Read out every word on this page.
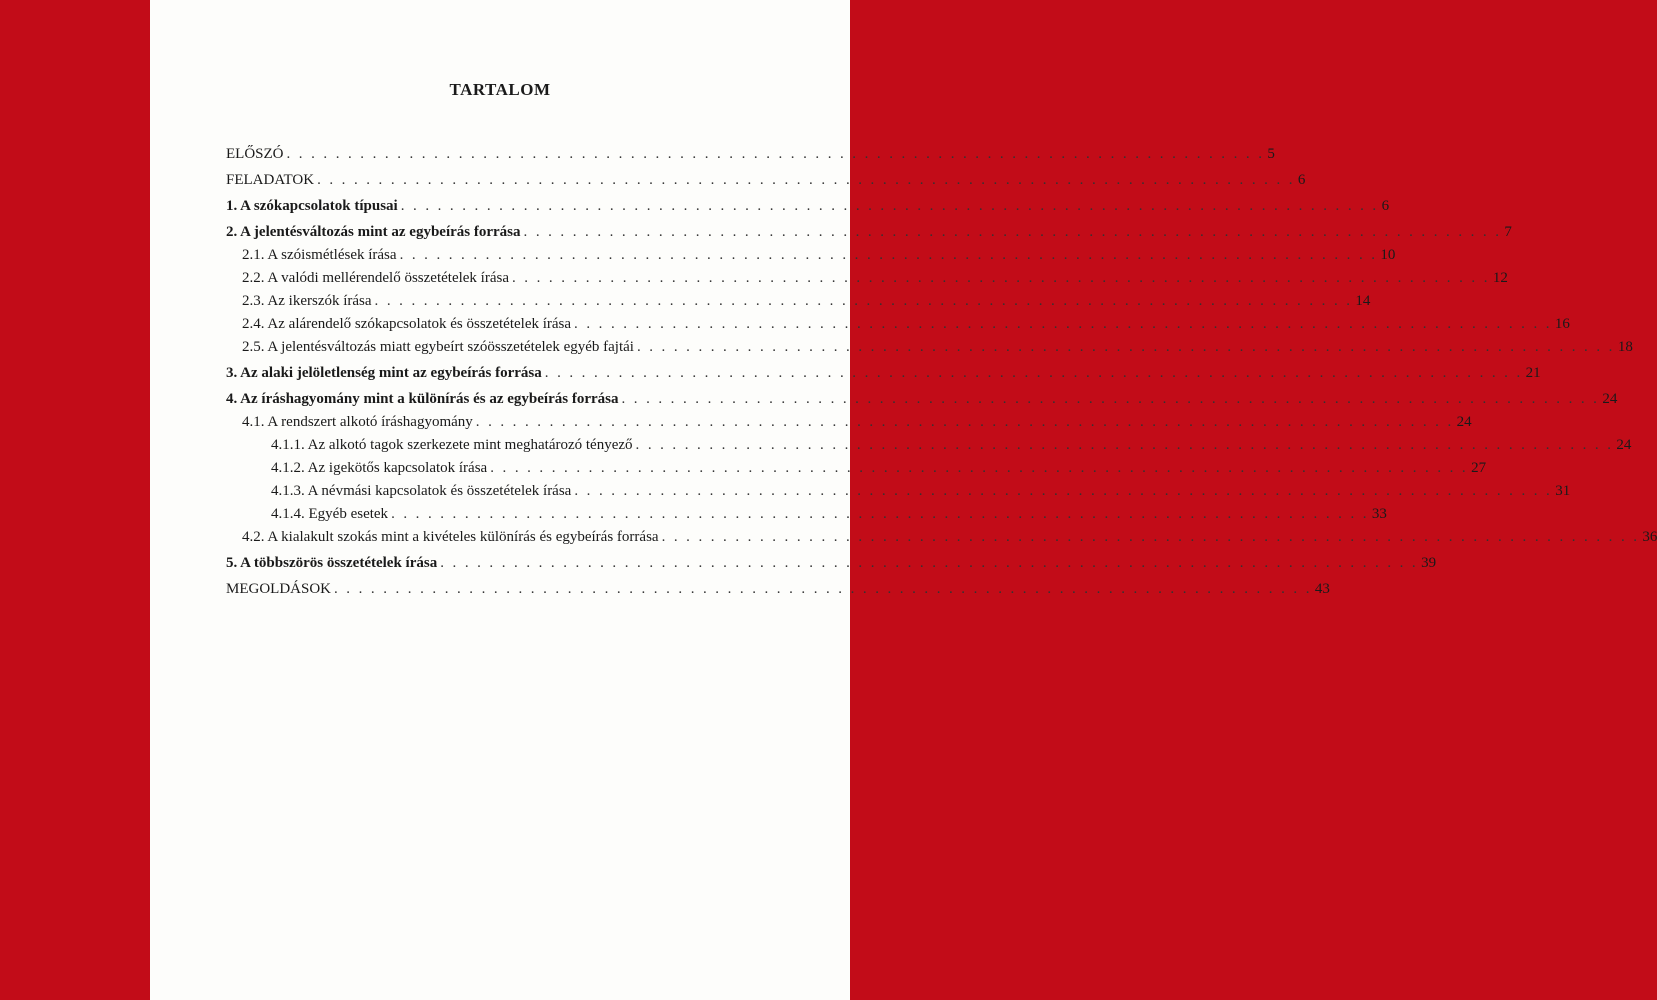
TARTALOM
ELŐSZÓ . . . . . . . . . . . . . . . . . . . . . . . . . . . . . . . . . . . . . . . . . . . . . . . . . . . . . . . . . . . . . . . . . . . . . . . . . . . . . . . . 5
FELADATOK . . . . . . . . . . . . . . . . . . . . . . . . . . . . . . . . . . . . . . . . . . . . . . . . . . . . . . . . . . . . . . . . . . . . . . . . . . . . . . . . 6
1. A szókapcsolatok típusai . . . . . . . . . . . . . . . . . . . . . . . . . . . . . . . . . . . . . . . . . . . . . . . . . . . . . . . . . . . . . . . . . . . . . . . . . . . . . . . . 6
2. A jelentésváltozás mint az egybeírás forrása . . . . . . . . . . . . . . . . . . . . . . . . . . . . . . . . . . . . . . . . . . . . . . . . . . . . . . . . . . . . . . . . . . . . . . . . . . . . . . . . 7
2.1. A szóismétlések írása . . . . . . . . . . . . . . . . . . . . . . . . . . . . . . . . . . . . . . . . . . . . . . . . . . . . . . . . . . . . . . . . . . . . . . . . . . . . . . . . 10
2.2. A valódi mellérendelő összetételek írása . . . . . . . . . . . . . . . . . . . . . . . . . . . . . . . . . . . . . . . . . . . . . . . . . . . . . . . . . . . . . . . . . . . . . . . . . . . . . . . . 12
2.3. Az ikerszók írása . . . . . . . . . . . . . . . . . . . . . . . . . . . . . . . . . . . . . . . . . . . . . . . . . . . . . . . . . . . . . . . . . . . . . . . . . . . . . . . . 14
2.4. Az alárendelő szókapcsolatok és összetételek írása . . . . . . . . . . . . . . . . . . . . . . . . . . . . . . . . . . . . . . . . . . . . . . . . . . . . . . . . . . . . . . . . . . . . . . . . . . . . . . . . 16
2.5. A jelentésváltozás miatt egybeírt szóösszetételek egyéb fajtái . . . . . . . . . . . . . . . . . . . . . . . . . . . . . . . . . . . . . . . . . . . . . . . . . . . . . . . . . . . . . . . . . . . . . . . . . . . . . . . . 18
3. Az alaki jelöletlenség mint az egybeírás forrása . . . . . . . . . . . . . . . . . . . . . . . . . . . . . . . . . . . . . . . . . . . . . . . . . . . . . . . . . . . . . . . . . . . . . . . . . . . . . . . . 21
4. Az íráshagyomány mint a különírás és az egybeírás forrása . . . . . . . . . . . . . . . . . . . . . . . . . . . . . . . . . . . . . . . . . . . . . . . . . . . . . . . . . . . . . . . . . . . . . . . . . . . . . . . . 24
4.1. A rendszert alkotó íráshagyomány . . . . . . . . . . . . . . . . . . . . . . . . . . . . . . . . . . . . . . . . . . . . . . . . . . . . . . . . . . . . . . . . . . . . . . . . . . . . . . . . 24
4.1.1. Az alkotó tagok szerkezete mint meghatározó tényező . . . . . . . . . . . . . . . . . . . . . . . . . . . . . . . . . . . . . . . . . . . . . . . . . . . . . . . . . . . . . . . . . . . . . . . . . . . . . . . . 24
4.1.2. Az igekötős kapcsolatok írása . . . . . . . . . . . . . . . . . . . . . . . . . . . . . . . . . . . . . . . . . . . . . . . . . . . . . . . . . . . . . . . . . . . . . . . . . . . . . . . . 27
4.1.3. A névmási kapcsolatok és összetételek írása . . . . . . . . . . . . . . . . . . . . . . . . . . . . . . . . . . . . . . . . . . . . . . . . . . . . . . . . . . . . . . . . . . . . . . . . . . . . . . . . 31
4.1.4. Egyéb esetek . . . . . . . . . . . . . . . . . . . . . . . . . . . . . . . . . . . . . . . . . . . . . . . . . . . . . . . . . . . . . . . . . . . . . . . . . . . . . . . . 33
4.2. A kialakult szokás mint a kivételes különírás és egybeírás forrása . . . . . . . . . . . . . . . . . . . . . . . . . . . . . . . . . . . . . . . . . . . . . . . . . . . . . . . . . . . . . . . . . . . . . . . . . . . . . . . . 36
5. A többszörös összetételek írása . . . . . . . . . . . . . . . . . . . . . . . . . . . . . . . . . . . . . . . . . . . . . . . . . . . . . . . . . . . . . . . . . . . . . . . . . . . . . . . . 39
MEGOLDÁSOK . . . . . . . . . . . . . . . . . . . . . . . . . . . . . . . . . . . . . . . . . . . . . . . . . . . . . . . . . . . . . . . . . . . . . . . . . . . . . . . . 43
